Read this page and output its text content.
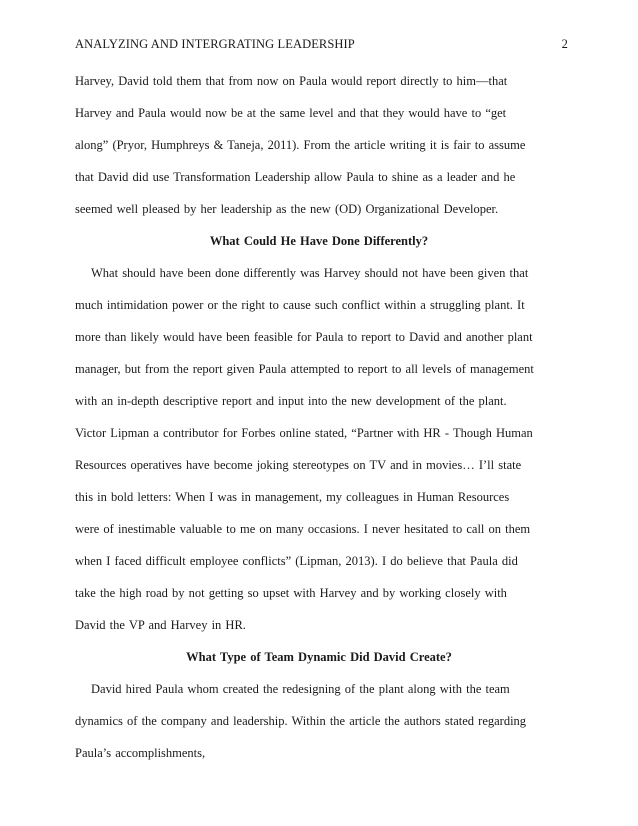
ANALYZING AND INTERGRATING LEADERSHIP	2
Harvey, David told them that from now on Paula would report directly to him—that
Harvey and Paula would now be at the same level and that they would have to “get
along” (Pryor, Humphreys & Taneja, 2011). From the article writing it is fair to assume
that David did use Transformation Leadership allow Paula to shine as a leader and he
seemed well pleased by her leadership as the new (OD) Organizational Developer.
What Could He Have Done Differently?
What should have been done differently was Harvey should not have been given that
much intimidation power or the right to cause such conflict within a struggling plant. It
more than likely would have been feasible for Paula to report to David and another plant
manager, but from the report given Paula attempted to report to all levels of management
with an in-depth descriptive report and input into the new development of the plant.
Victor Lipman a contributor for Forbes online stated, “Partner with HR - Though Human
Resources operatives have become joking stereotypes on TV and in movies… I’ll state
this in bold letters: When I was in management, my colleagues in Human Resources
were of inestimable valuable to me on many occasions. I never hesitated to call on them
when I faced difficult employee conflicts” (Lipman, 2013). I do believe that Paula did
take the high road by not getting so upset with Harvey and by working closely with
David the VP and Harvey in HR.
What Type of Team Dynamic Did David Create?
David hired Paula whom created the redesigning of the plant along with the team
dynamics of the company and leadership. Within the article the authors stated regarding
Paula’s accomplishments,
